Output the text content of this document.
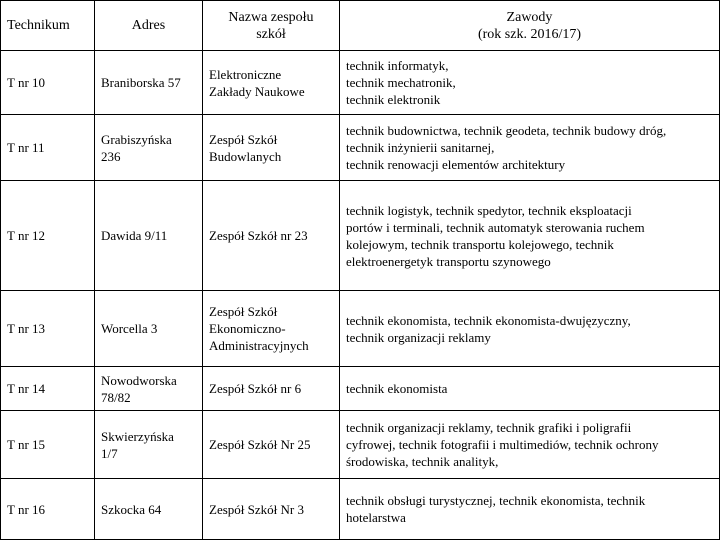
Technikum	Adres	Nazwa zespołu
szkół	Zawody
(rok szk. 2016/17)
T nr 10	Braniborska 57	Elektroniczne
Zakłady Naukowe	technik informatyk,
technik mechatronik,
technik elektronik
T nr 11	Grabiszyńska
236	Zespół Szkół
Budowlanych	technik budownictwa, technik geodeta, technik budowy dróg,
technik inżynierii sanitarnej,
technik renowacji elementów architektury
T nr 12	Dawida 9/11	Zespół Szkół nr 23	technik logistyk, technik spedytor, technik eksploatacji
portów i terminali, technik automatyk sterowania ruchem
kolejowym, technik transportu kolejowego, technik
elektroenergetyk transportu szynowego
T nr 13	Worcella 3	Zespół Szkół
Ekonomiczno-
Administracyjnych	technik ekonomista, technik ekonomista-dwujęzyczny,
technik organizacji reklamy
T nr 14	Nowodworska
78/82	Zespół Szkół nr 6	technik ekonomista
T nr 15	Skwierzyńska
1/7	Zespół Szkół Nr 25	technik organizacji reklamy, technik grafiki i poligrafii
cyfrowej, technik fotografii i multimediów, technik ochrony
środowiska, technik analityk,
T nr 16	Szkocka 64	Zespół Szkół Nr 3	technik obsługi turystycznej, technik ekonomista, technik
hotelarstwa
